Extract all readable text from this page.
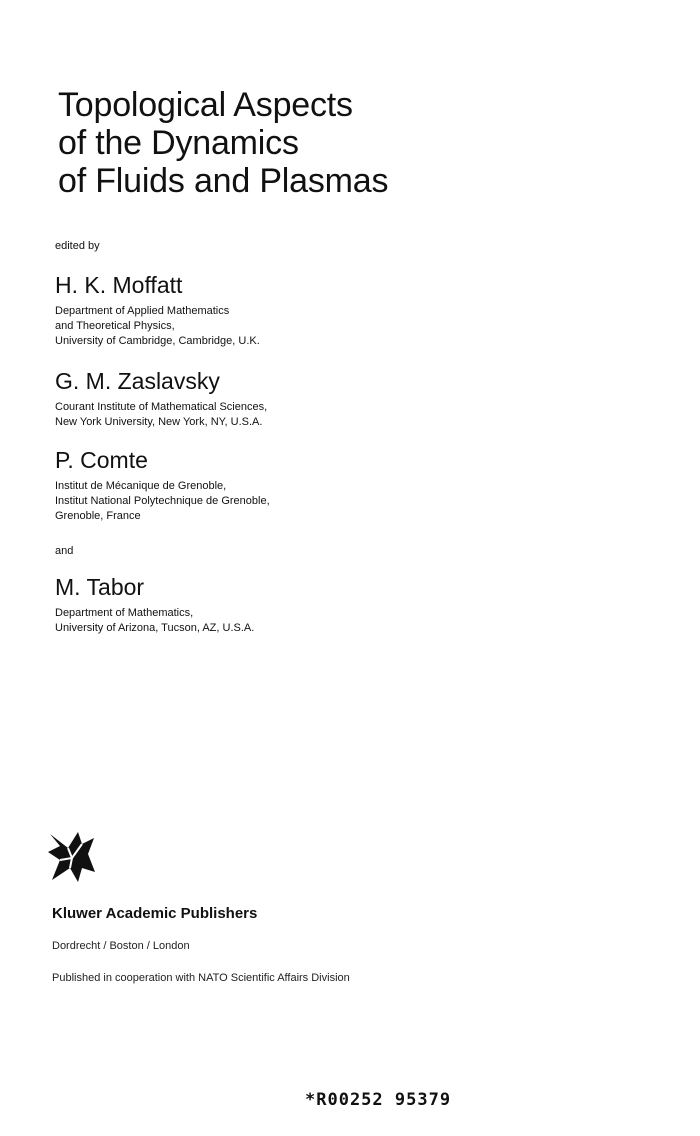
Topological Aspects
of the Dynamics
of Fluids and Plasmas
edited by
H. K. Moffatt
Department of Applied Mathematics
and Theoretical Physics,
University of Cambridge, Cambridge, U.K.
G. M. Zaslavsky
Courant Institute of Mathematical Sciences,
New York University, New York, NY, U.S.A.
P. Comte
Institut de Mécanique de Grenoble,
Institut National Polytechnique de Grenoble,
Grenoble, France
and
M. Tabor
Department of Mathematics,
University of Arizona, Tucson, AZ, U.S.A.
Kluwer Academic Publishers
Dordrecht / Boston / London
Published in cooperation with NATO Scientific Affairs Division
*R00252 95379
